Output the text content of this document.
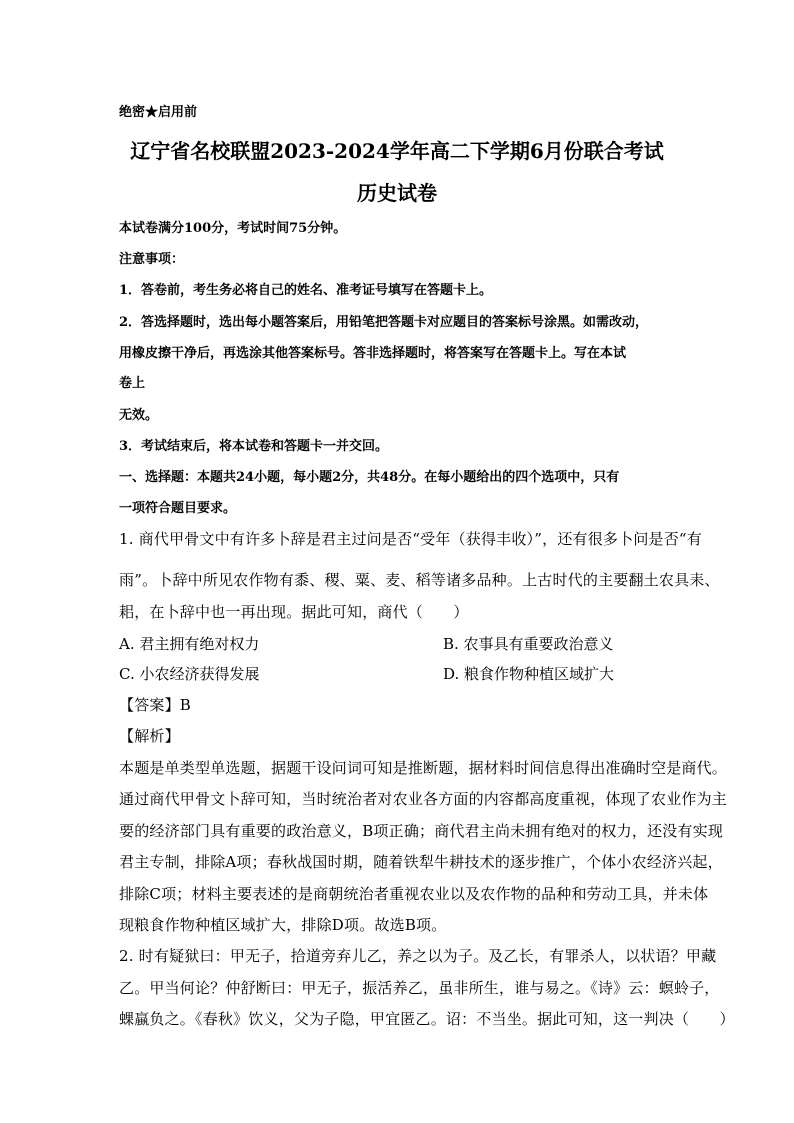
绝密★启用前
辽宁省名校联盟2023-2024学年高二下学期6月份联合考试
历史试卷
本试卷满分100分，考试时间75分钟。
注意事项：
1．答卷前，考生务必将自己的姓名、准考证号填写在答题卡上。
2．答选择题时，选出每小题答案后，用铅笔把答题卡对应题目的答案标号涂黑。如需改动，
用橡皮擦干净后，再选涂其他答案标号。答非选择题时，将答案写在答题卡上。写在本试
卷上
无效。
3．考试结束后，将本试卷和答题卡一并交回。
一、选择题：本题共24小题，每小题2分，共48分。在每小题给出的四个选项中，只有
一项符合题目要求。
1. 商代甲骨文中有许多卜辞是君主过问是否“受年（获得丰收）”，还有很多卜问是否“有
雨”。卜辞中所见农作物有黍、稷、粟、麦、稻等诸多品种。上古时代的主要翻土农具耒、
耜，在卜辞中也一再出现。据此可知，商代（　　）
A. 君主拥有绝对权力	B. 农事具有重要政治意义
C. 小农经济获得发展	D. 粮食作物种植区域扩大
【答案】B
【解析】
本题是单类型单选题，据题干设问词可知是推断题，据材料时间信息得出准确时空是商代。
通过商代甲骨文卜辞可知，当时统治者对农业各方面的内容都高度重视，体现了农业作为主
要的经济部门具有重要的政治意义，B项正确；商代君主尚未拥有绝对的权力，还没有实现
君主专制，排除A项；春秋战国时期，随着铁犁牛耕技术的逐步推广，个体小农经济兴起，
排除C项；材料主要表述的是商朝统治者重视农业以及农作物的品种和劳动工具，并未体
现粮食作物种植区域扩大，排除D项。故选B项。
2. 时有疑狱曰：甲无子，拾道旁弃儿乙，养之以为子。及乙长，有罪杀人，以状语？甲藏
乙。甲当何论？仲舒断曰：甲无子，振活养乙，虽非所生，谁与易之。《诗》云：螟蛉子，
蜾蠃负之。《春秋》饮义，父为子隐，甲宜匿乙。诏：不当坐。据此可知，这一判决（　　）
